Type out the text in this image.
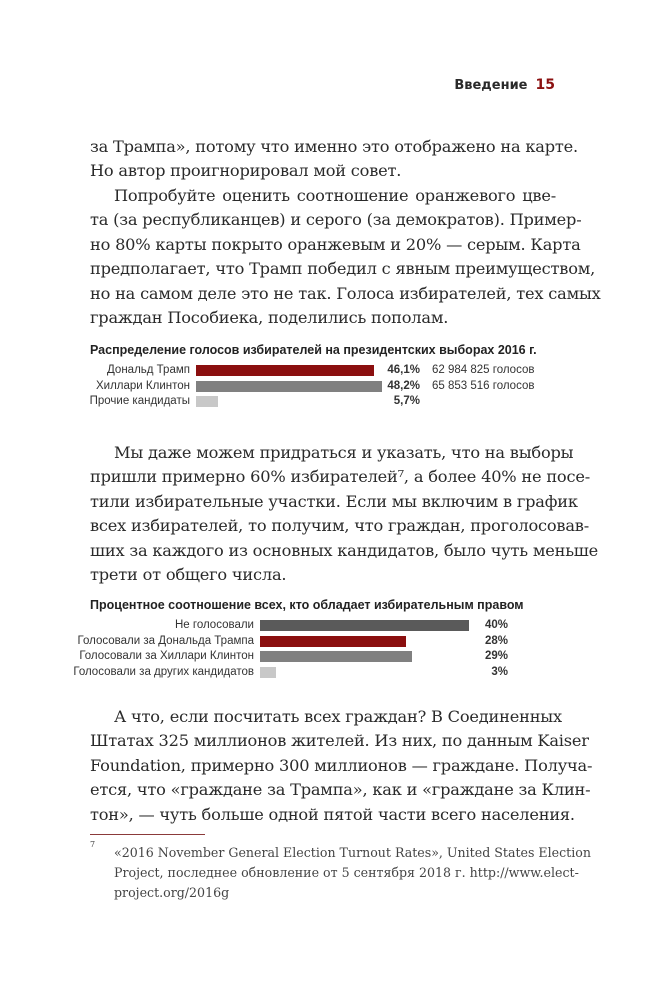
Введение 15
за Трампа», потому что именно это отображено на карте.
Но автор проигнорировал мой совет.
Попробуйте оценить соотношение оранжевого цве-
та (за республиканцев) и серого (за демократов). Пример-
но 80% карты покрыто оранжевым и 20% — серым. Карта
предполагает, что Трамп победил с явным преимуществом,
но на самом деле это не так. Голоса избирателей, тех самых
граждан Пособиека, поделились пополам.
Распределение голосов избирателей на президентских выборах 2016 г.
Дональд Трамп	46,1% 62 984 825 голосов
Хиллари Клинтон	48,2% 65 853 516 голосов
Прочие кандидаты	5,7%
Мы даже можем придраться и указать, что на выборы
пришли примерно 60% избирателей⁷, а более 40% не посе-
тили избирательные участки. Если мы включим в график
всех избирателей, то получим, что граждан, проголосовав-
ших за каждого из основных кандидатов, было чуть меньше
трети от общего числа.
Процентное соотношение всех, кто обладает избирательным правом
Не голосовали	40%
Голосовали за Дональда Трампа	28%
Голосовали за Хиллари Клинтон	29%
Голосовали за других кандидатов	3%
А что, если посчитать всех граждан? В Соединенных
Штатах 325 миллионов жителей. Из них, по данным Kaiser
Foundation, примерно 300 миллионов — граждане. Получа-
ется, что «граждане за Трампа», как и «граждане за Клин-
тон», — чуть больше одной пятой части всего населения.
7
«2016 November General Election Turnout Rates», United States Election
Project, последнее обновление от 5 сентября 2018 г. http://www.elect-
project.org/2016g
